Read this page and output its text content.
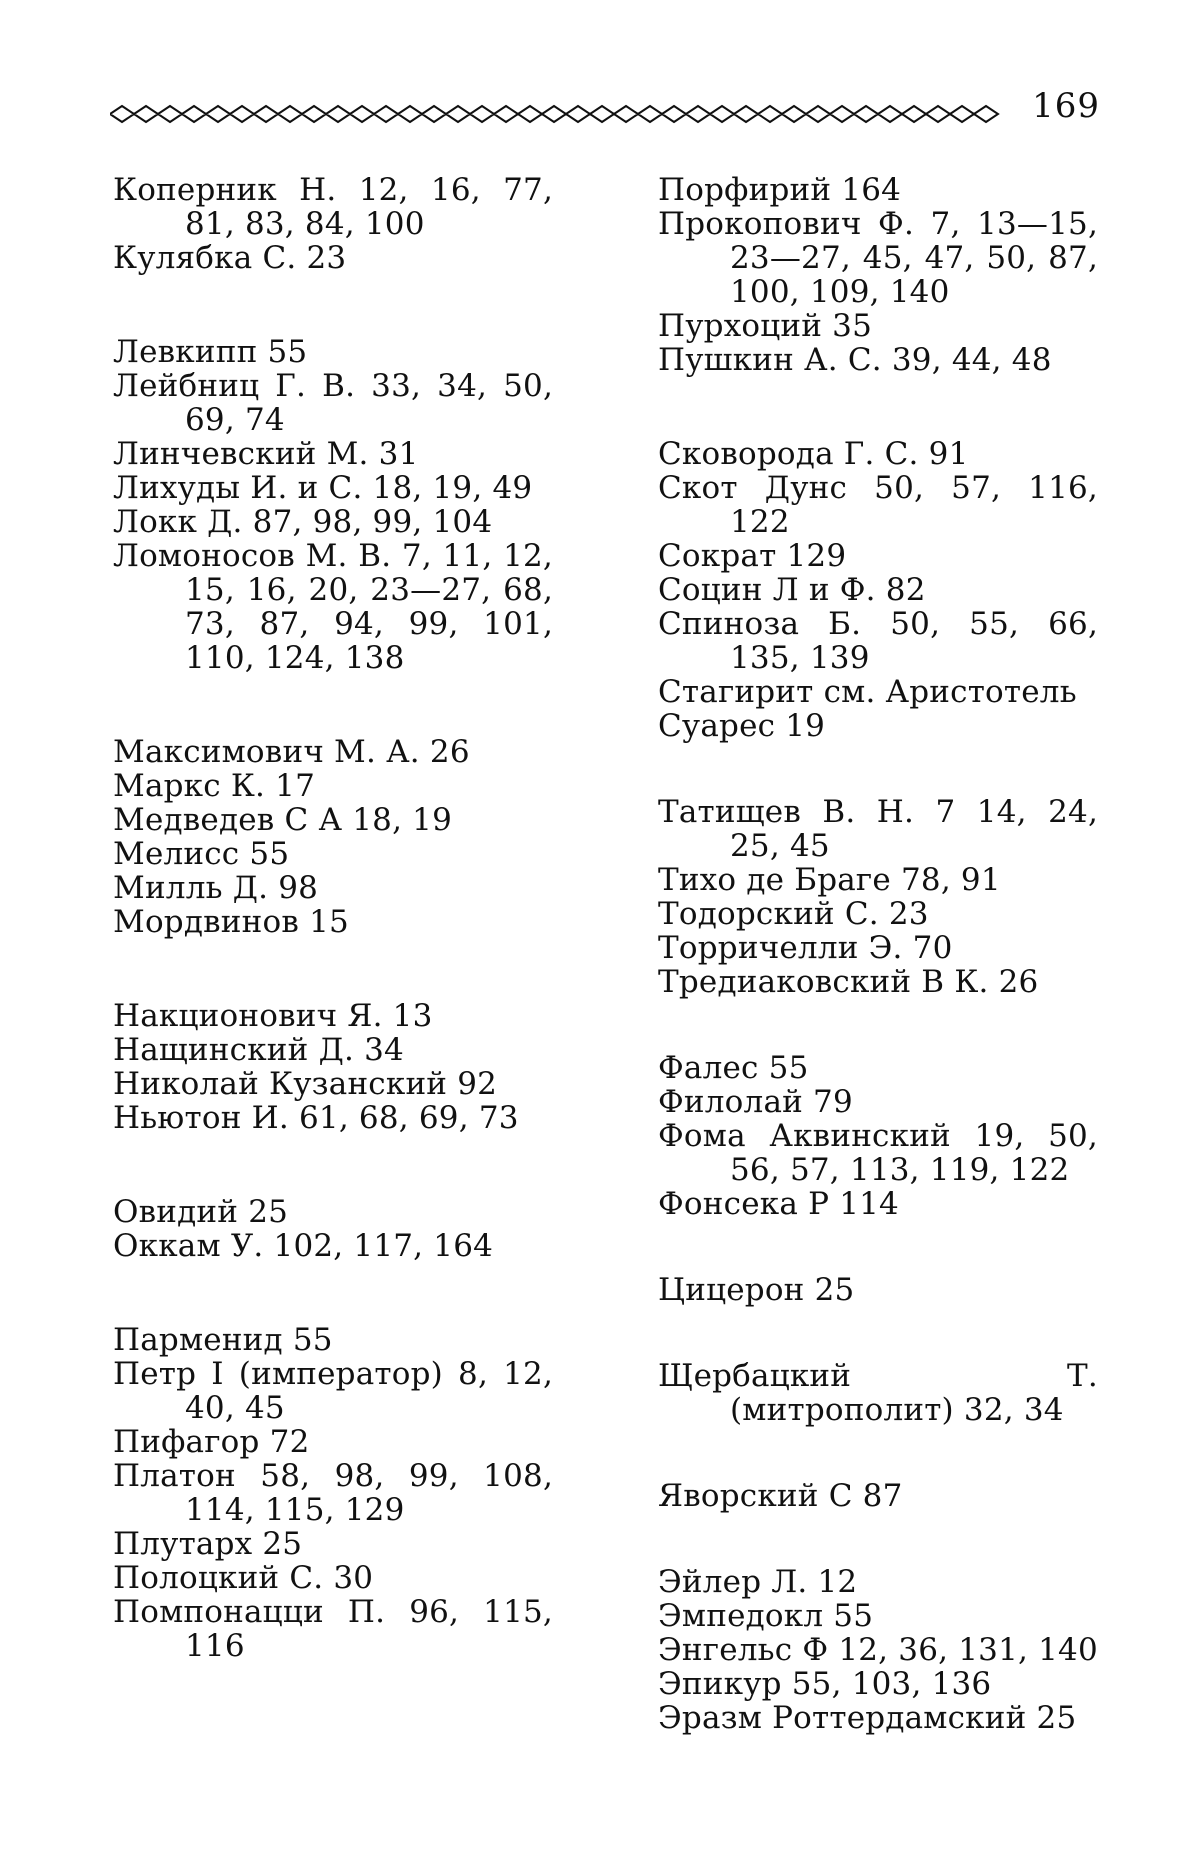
169
Коперник Н. 12, 16, 77, 81, 83, 84, 100
Кулябка С. 23
Левкипп 55
Лейбниц Г. В. 33, 34, 50, 69, 74
Линчевский М. 31
Лихуды И. и С. 18, 19, 49
Локк Д. 87, 98, 99, 104
Ломоносов М. В. 7, 11, 12, 15, 16, 20, 23—27, 68, 73, 87, 94, 99, 101, 110, 124, 138
Максимович М. А. 26
Маркс К. 17
Медведев С А 18, 19
Мелисс 55
Милль Д. 98
Мордвинов 15
Накционович Я. 13
Нащинский Д. 34
Николай Кузанский 92
Ньютон И. 61, 68, 69, 73
Овидий 25
Оккам У. 102, 117, 164
Парменид 55
Петр I (император) 8, 12, 40, 45
Пифагор 72
Платон 58, 98, 99, 108, 114, 115, 129
Плутарх 25
Полоцкий С. 30
Помпонацци П. 96, 115, 116
Порфирий 164
Прокопович Ф. 7, 13—15, 23—27, 45, 47, 50, 87, 100, 109, 140
Пурхоций 35
Пушкин А. С. 39, 44, 48
Сковорода Г. С. 91
Скот Дунс 50, 57, 116, 122
Сократ 129
Социн Л и Ф. 82
Спиноза Б. 50, 55, 66, 135, 139
Стагирит см. Аристотель
Суарес 19
Татищев В. Н. 7 14, 24, 25, 45
Тихо де Браге 78, 91
Тодорский С. 23
Торричелли Э. 70
Тредиаковский В К. 26
Фалес 55
Филолай 79
Фома Аквинский 19, 50, 56, 57, 113, 119, 122
Фонсека Р 114
Цицерон 25
Щербацкий Т. (митрополит) 32, 34
Яворский С 87
Эйлер Л. 12
Эмпедокл 55
Энгельс Ф 12, 36, 131, 140
Эпикур 55, 103, 136
Эразм Роттердамский 25
